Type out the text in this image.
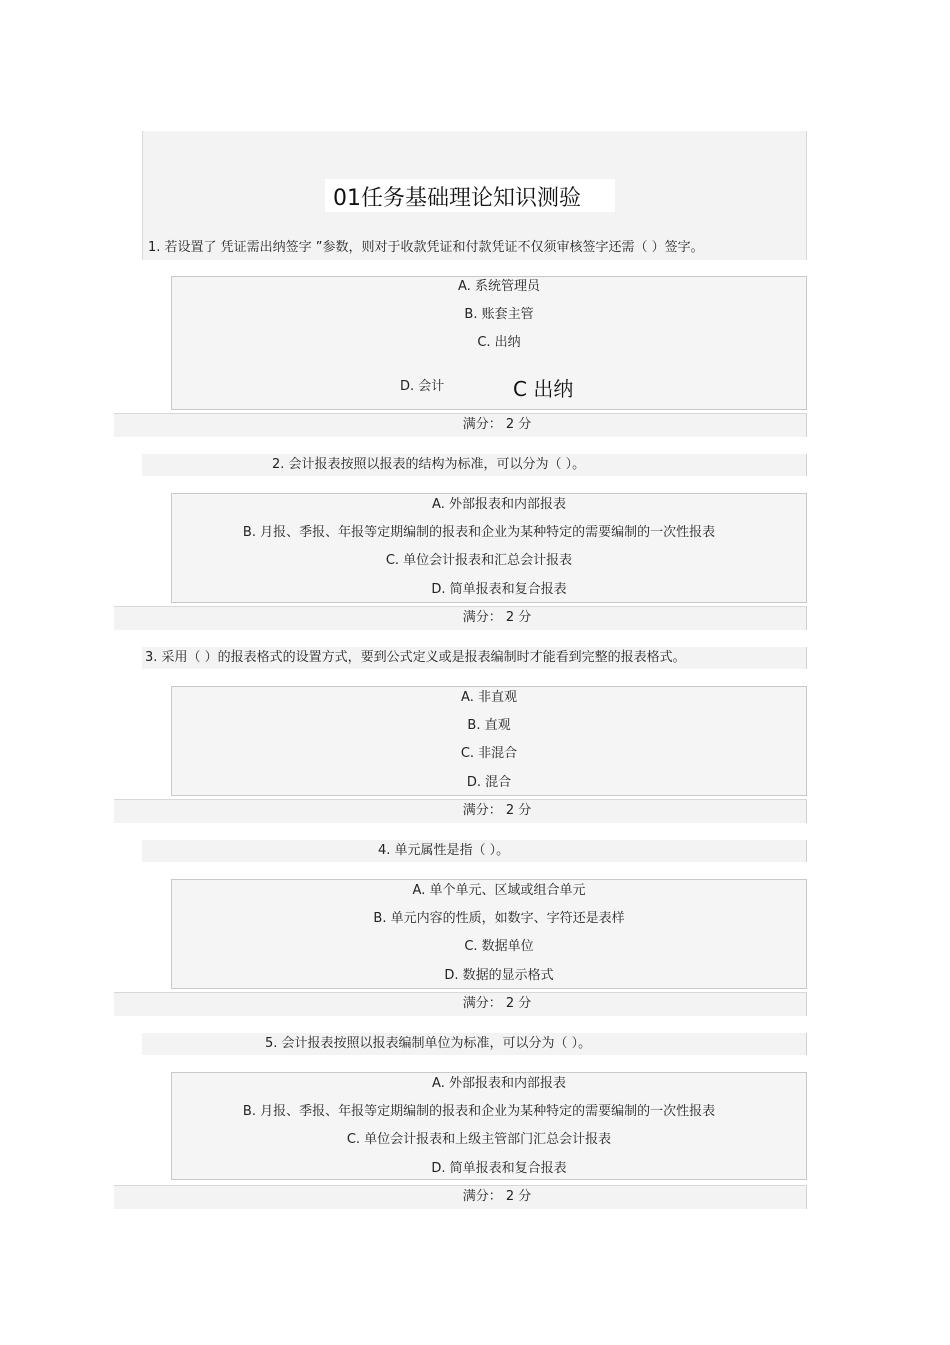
01任务基础理论知识测验
1. 若设置了 凭证需出纳签字 ”参数，则对于收款凭证和付款凭证不仅须审核签字还需（ ）签字。
A. 系统管理员
B. 账套主管
C. 出纳
D. 会计	C 出纳
满分： 2 分
2. 会计报表按照以报表的结构为标准，可以分为（ ）。
A. 外部报表和内部报表
B. 月报、季报、年报等定期编制的报表和企业为某种特定的需要编制的一次性报表
C. 单位会计报表和汇总会计报表
D. 简单报表和复合报表
满分： 2 分
3. 采用（ ）的报表格式的设置方式，要到公式定义或是报表编制时才能看到完整的报表格式。
A. 非直观
B. 直观
C. 非混合
D. 混合
满分： 2 分
4. 单元属性是指（ ）。
A. 单个单元、区域或组合单元
B. 单元内容的性质，如数字、字符还是表样
C. 数据单位
D. 数据的显示格式
满分： 2 分
5. 会计报表按照以报表编制单位为标准，可以分为（ ）。
A. 外部报表和内部报表
B. 月报、季报、年报等定期编制的报表和企业为某种特定的需要编制的一次性报表
C. 单位会计报表和上级主管部门汇总会计报表
D. 简单报表和复合报表
满分： 2 分
